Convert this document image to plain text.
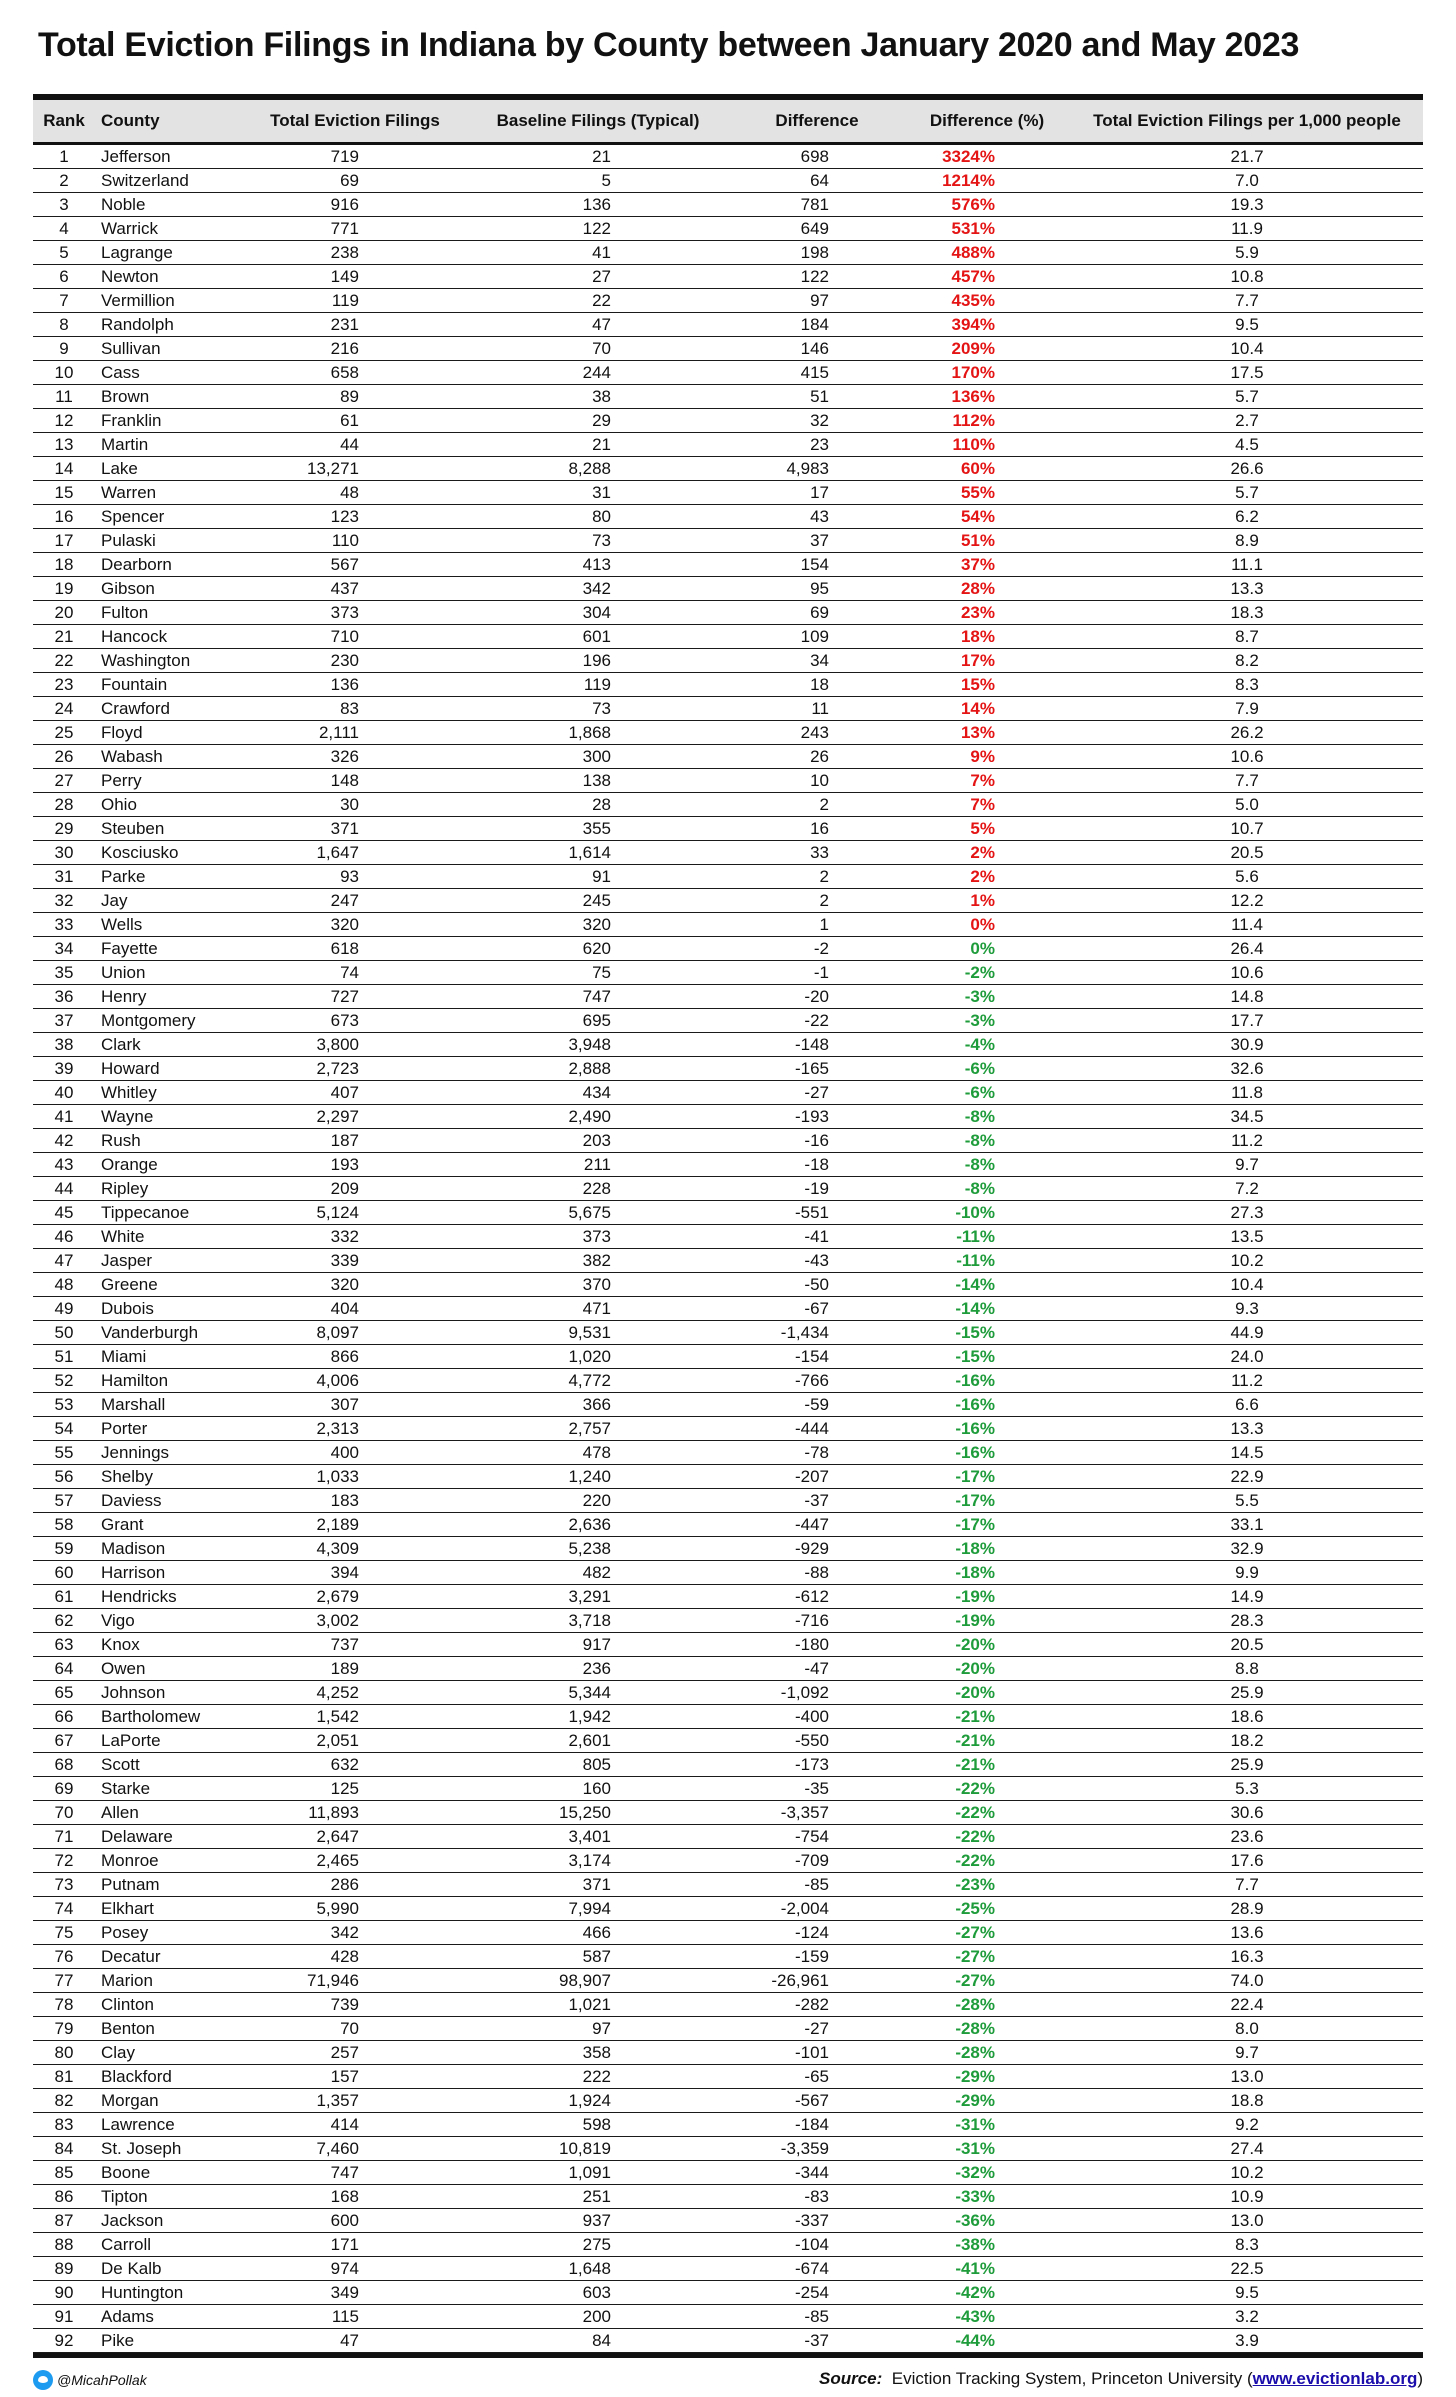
Total Eviction Filings in Indiana by County between January 2020 and May 2023
Rank	County	Total Eviction Filings	Baseline Filings (Typical)	Difference	Difference (%)	Total Eviction Filings per 1,000 people
1	Jefferson	719	21	698	3324%	21.7
2	Switzerland	69	5	64	1214%	7.0
3	Noble	916	136	781	576%	19.3
4	Warrick	771	122	649	531%	11.9
5	Lagrange	238	41	198	488%	5.9
6	Newton	149	27	122	457%	10.8
7	Vermillion	119	22	97	435%	7.7
8	Randolph	231	47	184	394%	9.5
9	Sullivan	216	70	146	209%	10.4
10	Cass	658	244	415	170%	17.5
11	Brown	89	38	51	136%	5.7
12	Franklin	61	29	32	112%	2.7
13	Martin	44	21	23	110%	4.5
14	Lake	13,271	8,288	4,983	60%	26.6
15	Warren	48	31	17	55%	5.7
16	Spencer	123	80	43	54%	6.2
17	Pulaski	110	73	37	51%	8.9
18	Dearborn	567	413	154	37%	11.1
19	Gibson	437	342	95	28%	13.3
20	Fulton	373	304	69	23%	18.3
21	Hancock	710	601	109	18%	8.7
22	Washington	230	196	34	17%	8.2
23	Fountain	136	119	18	15%	8.3
24	Crawford	83	73	11	14%	7.9
25	Floyd	2,111	1,868	243	13%	26.2
26	Wabash	326	300	26	9%	10.6
27	Perry	148	138	10	7%	7.7
28	Ohio	30	28	2	7%	5.0
29	Steuben	371	355	16	5%	10.7
30	Kosciusko	1,647	1,614	33	2%	20.5
31	Parke	93	91	2	2%	5.6
32	Jay	247	245	2	1%	12.2
33	Wells	320	320	1	0%	11.4
34	Fayette	618	620	-2	0%	26.4
35	Union	74	75	-1	-2%	10.6
36	Henry	727	747	-20	-3%	14.8
37	Montgomery	673	695	-22	-3%	17.7
38	Clark	3,800	3,948	-148	-4%	30.9
39	Howard	2,723	2,888	-165	-6%	32.6
40	Whitley	407	434	-27	-6%	11.8
41	Wayne	2,297	2,490	-193	-8%	34.5
42	Rush	187	203	-16	-8%	11.2
43	Orange	193	211	-18	-8%	9.7
44	Ripley	209	228	-19	-8%	7.2
45	Tippecanoe	5,124	5,675	-551	-10%	27.3
46	White	332	373	-41	-11%	13.5
47	Jasper	339	382	-43	-11%	10.2
48	Greene	320	370	-50	-14%	10.4
49	Dubois	404	471	-67	-14%	9.3
50	Vanderburgh	8,097	9,531	-1,434	-15%	44.9
51	Miami	866	1,020	-154	-15%	24.0
52	Hamilton	4,006	4,772	-766	-16%	11.2
53	Marshall	307	366	-59	-16%	6.6
54	Porter	2,313	2,757	-444	-16%	13.3
55	Jennings	400	478	-78	-16%	14.5
56	Shelby	1,033	1,240	-207	-17%	22.9
57	Daviess	183	220	-37	-17%	5.5
58	Grant	2,189	2,636	-447	-17%	33.1
59	Madison	4,309	5,238	-929	-18%	32.9
60	Harrison	394	482	-88	-18%	9.9
61	Hendricks	2,679	3,291	-612	-19%	14.9
62	Vigo	3,002	3,718	-716	-19%	28.3
63	Knox	737	917	-180	-20%	20.5
64	Owen	189	236	-47	-20%	8.8
65	Johnson	4,252	5,344	-1,092	-20%	25.9
66	Bartholomew	1,542	1,942	-400	-21%	18.6
67	LaPorte	2,051	2,601	-550	-21%	18.2
68	Scott	632	805	-173	-21%	25.9
69	Starke	125	160	-35	-22%	5.3
70	Allen	11,893	15,250	-3,357	-22%	30.6
71	Delaware	2,647	3,401	-754	-22%	23.6
72	Monroe	2,465	3,174	-709	-22%	17.6
73	Putnam	286	371	-85	-23%	7.7
74	Elkhart	5,990	7,994	-2,004	-25%	28.9
75	Posey	342	466	-124	-27%	13.6
76	Decatur	428	587	-159	-27%	16.3
77	Marion	71,946	98,907	-26,961	-27%	74.0
78	Clinton	739	1,021	-282	-28%	22.4
79	Benton	70	97	-27	-28%	8.0
80	Clay	257	358	-101	-28%	9.7
81	Blackford	157	222	-65	-29%	13.0
82	Morgan	1,357	1,924	-567	-29%	18.8
83	Lawrence	414	598	-184	-31%	9.2
84	St. Joseph	7,460	10,819	-3,359	-31%	27.4
85	Boone	747	1,091	-344	-32%	10.2
86	Tipton	168	251	-83	-33%	10.9
87	Jackson	600	937	-337	-36%	13.0
88	Carroll	171	275	-104	-38%	8.3
89	De Kalb	974	1,648	-674	-41%	22.5
90	Huntington	349	603	-254	-42%	9.5
91	Adams	115	200	-85	-43%	3.2
92	Pike	47	84	-37	-44%	3.9
@MicahPollak	Source: Eviction Tracking System, Princeton University (www.evictionlab.org)
